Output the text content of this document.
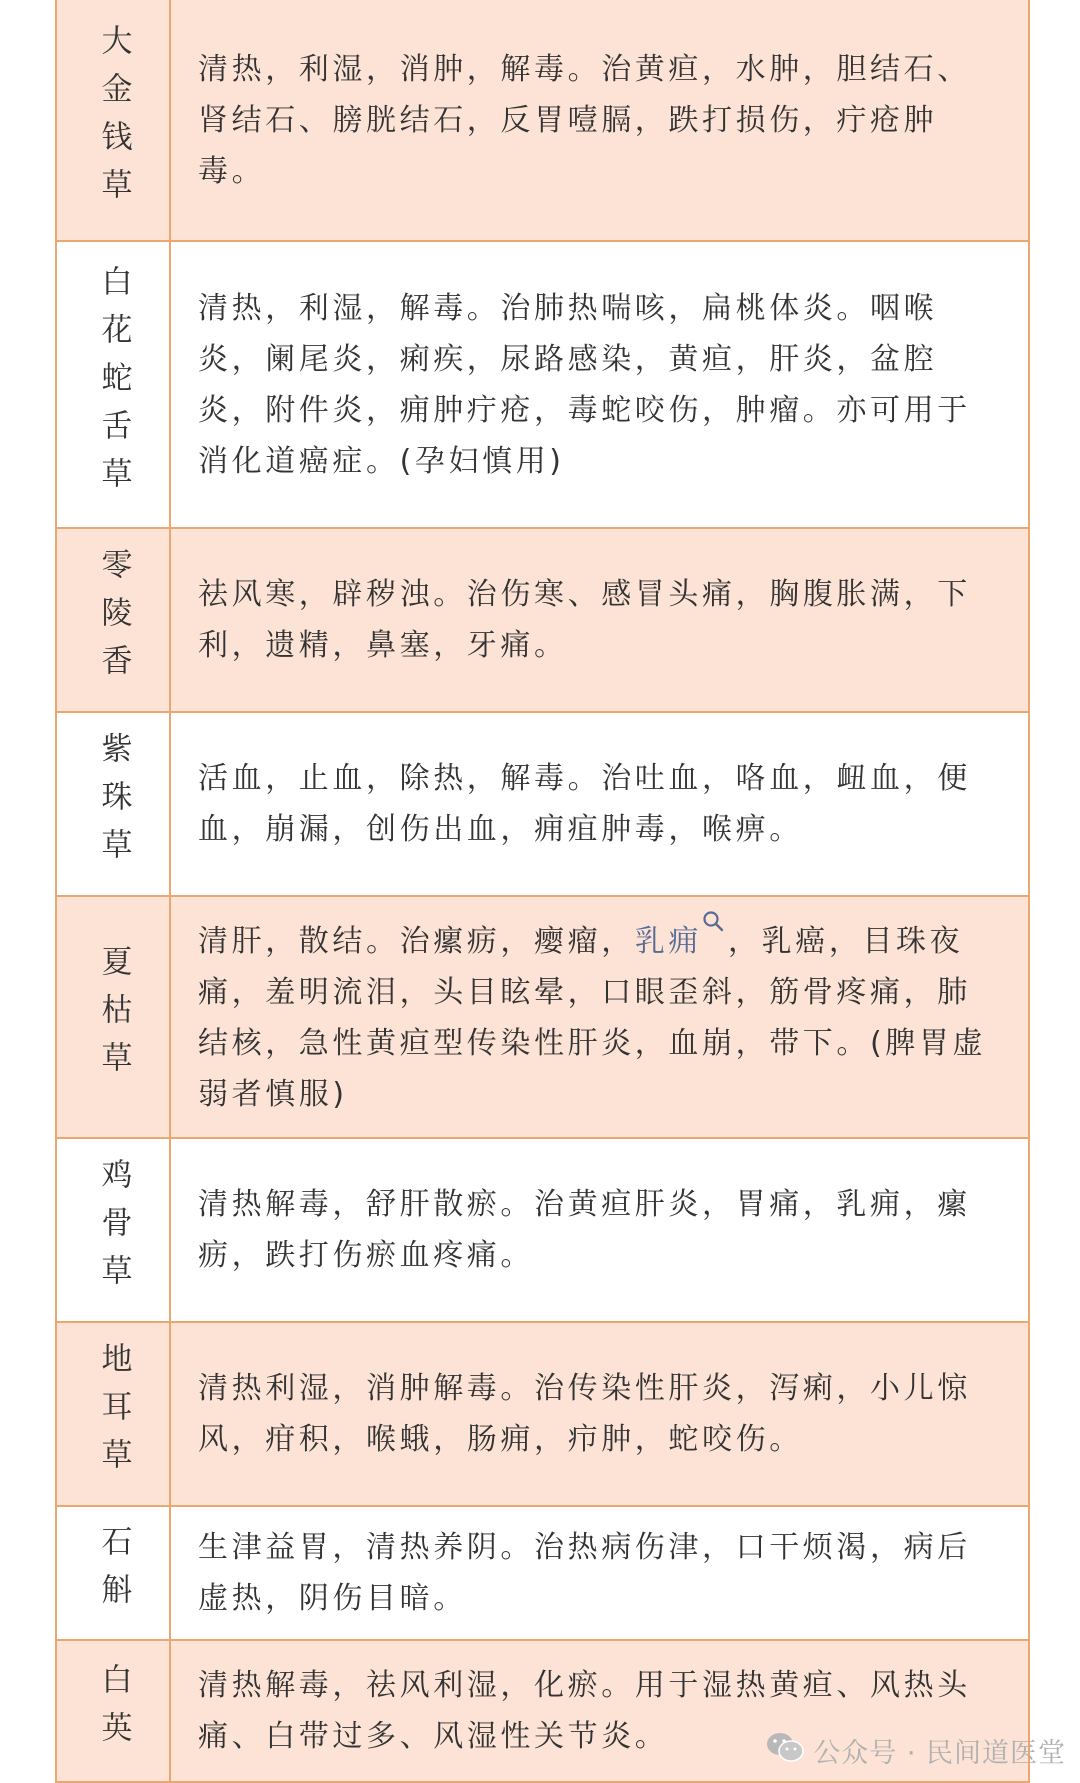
大金钱草 清热，利湿，消肿，解毒。治黄疸，水肿，胆结石、肾结石、膀胱结石，反胃噎膈，跌打损伤，疔疮肿毒。

白花蛇舌草 清热，利湿，解毒。治肺热喘咳，扁桃体炎。咽喉炎，阑尾炎，痢疾，尿路感染，黄疸，肝炎，盆腔炎，附件炎，痈肿疔疮，毒蛇咬伤，肿瘤。亦可用于消化道癌症。(孕妇慎用)

零陵香 祛风寒，辟秽浊。治伤寒、感冒头痛，胸腹胀满，下利，遗精，鼻塞，牙痛。

紫珠草 活血，止血，除热，解毒。治吐血，咯血，衄血，便血，崩漏，创伤出血，痈疽肿毒，喉痹。

夏枯草

清肝，散结。治瘰疬，瘿瘤，乳痈 ，乳癌，目珠夜痛，羞明流泪，头目眩晕，口眼歪斜，筋骨疼痛，肺结核，急性黄疸型传染性肝炎，血崩，带下。(脾胃虚弱者慎服)

鸡骨草 清热解毒，舒肝散瘀。治黄疸肝炎，胃痛，乳痈，瘰疬，跌打伤瘀血疼痛。

地耳草 清热利湿，消肿解毒。治传染性肝炎，泻痢，小儿惊风，疳积，喉蛾，肠痈，疖肿，蛇咬伤。

石斛 生津益胃，清热养阴。治热病伤津，口干烦渴，病后虚热，阴伤目暗。

白英 清热解毒，祛风利湿，化瘀。用于湿热黄疸、风热头痛、白带过多、风湿性关节炎。	公众号 · 民间道医堂
